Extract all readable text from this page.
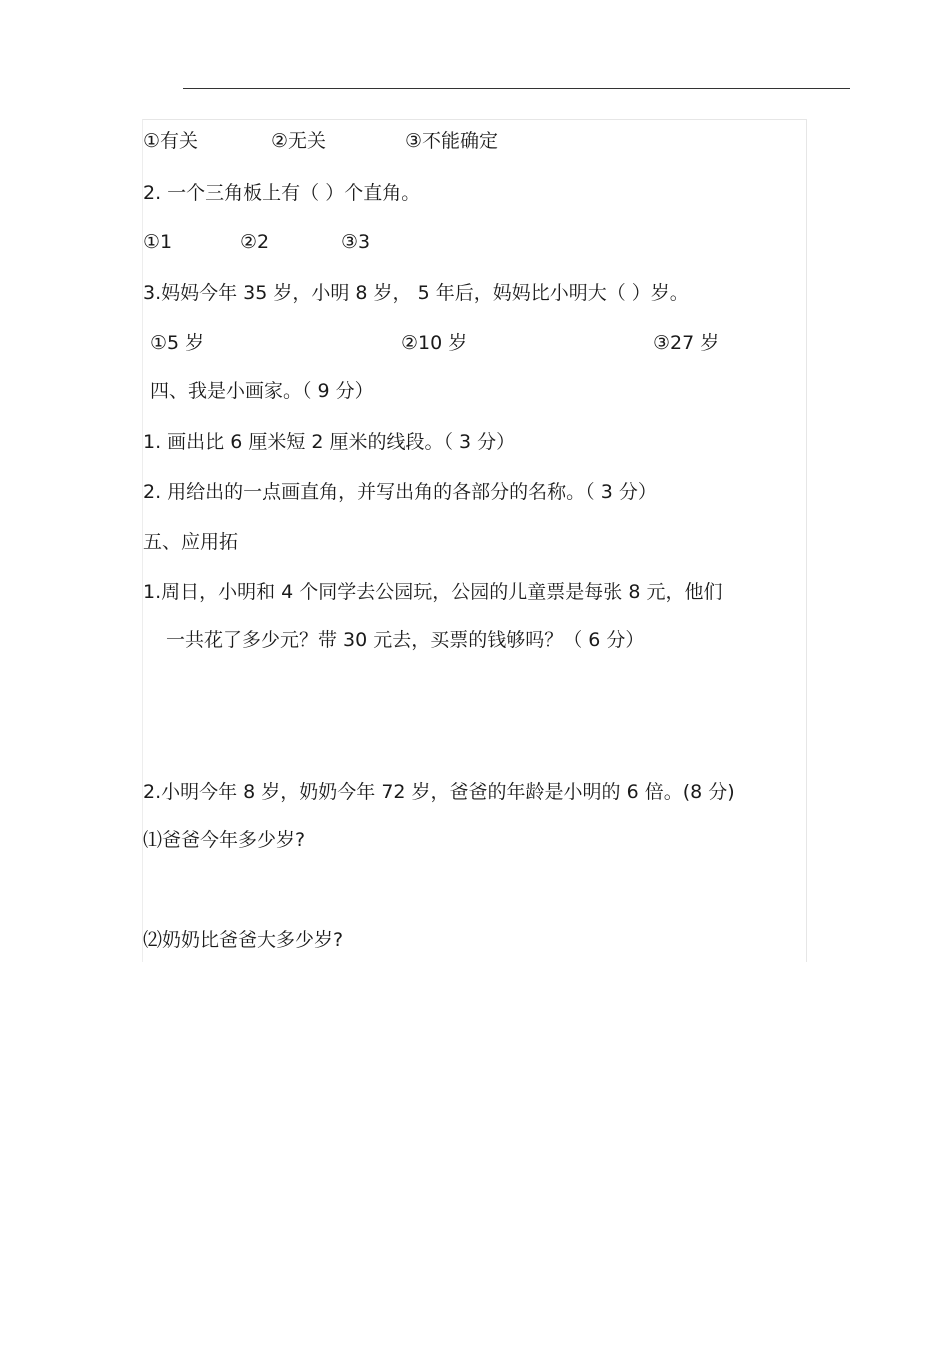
①有关	②无关	③不能确定
2. 一个三角板上有（ ）个直角。
①1	②2	③3
3.妈妈今年 35 岁，小明 8 岁， 5 年后，妈妈比小明大（ ）岁。
①5 岁	②10 岁	③27 岁
四、我是小画家。（ 9 分）
1. 画出比 6 厘米短 2 厘米的线段。（ 3 分）
2. 用给出的一点画直角，并写出角的各部分的名称。（ 3 分）
五、应用拓
1.周日，小明和 4 个同学去公园玩，公园的儿童票是每张 8 元，他们
一共花了多少元？带 30 元去，买票的钱够吗？（ 6 分）
2.小明今年 8 岁，奶奶今年 72 岁，爸爸的年龄是小明的 6 倍。(8 分)
⑴爸爸今年多少岁?
⑵奶奶比爸爸大多少岁?
